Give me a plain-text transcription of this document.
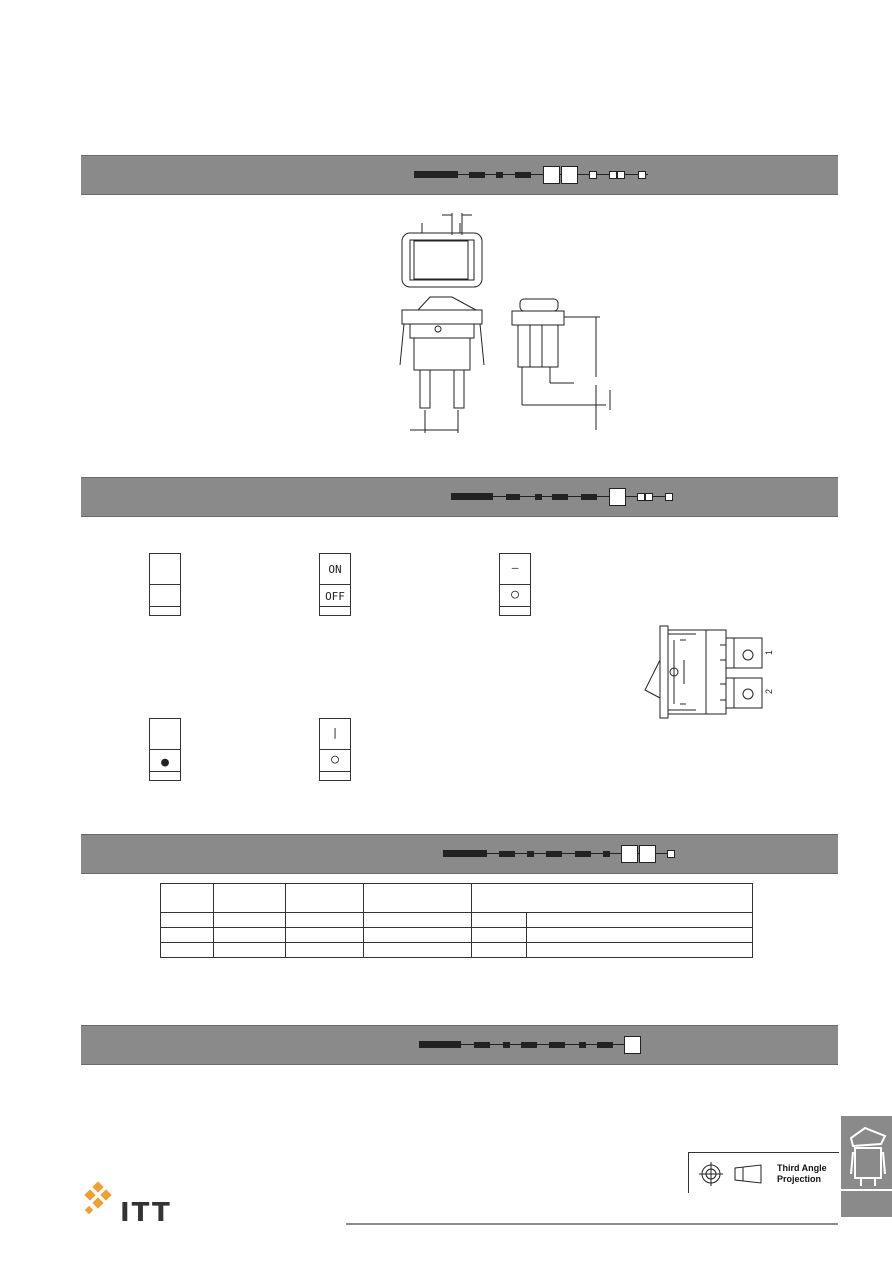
ON
OFF
—
○
●
|
○
1
2

Third Angle
Projection
ITT
